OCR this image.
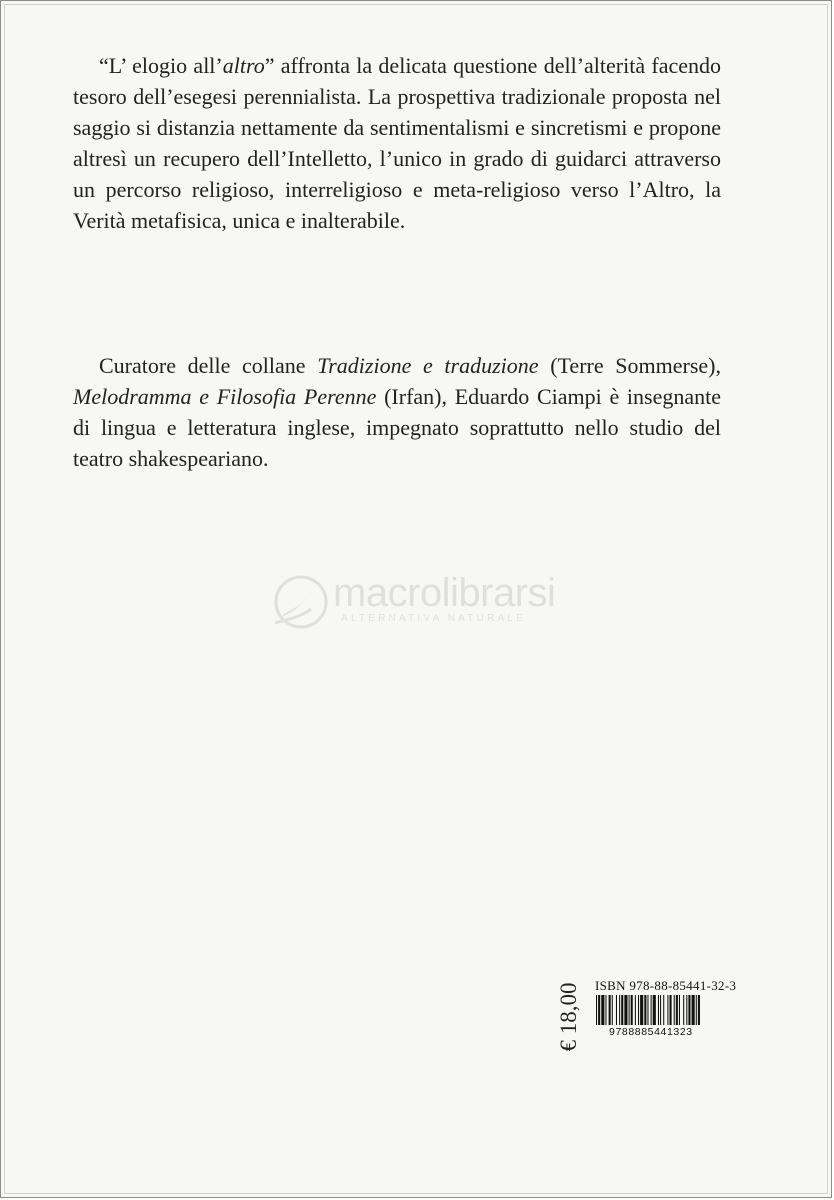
“L’ elogio all’altro” affronta la delicata questione dell’alterità facendo tesoro dell’esegesi perennialista. La prospettiva tradizionale proposta nel saggio si distanzia nettamente da sentimentalismi e sincretismi e propone altresì un recupero dell’Intelletto, l’unico in grado di guidarci attraverso un percorso religioso, interreligioso e meta-religioso verso l’Altro, la Verità metafisica, unica e inalterabile.

Curatore delle collane Tradizione e traduzione (Terre Sommerse), Melodramma e Filosofia Perenne (Irfan), Eduardo Ciampi è insegnante di lingua e letteratura inglese, impegnato soprattutto nello studio del teatro shakespeariano.

macrolibrarsi
ALTERNATIVA NATURALE
€ 18,00 ISBN 978-88-85441-32-3
9788885441323
